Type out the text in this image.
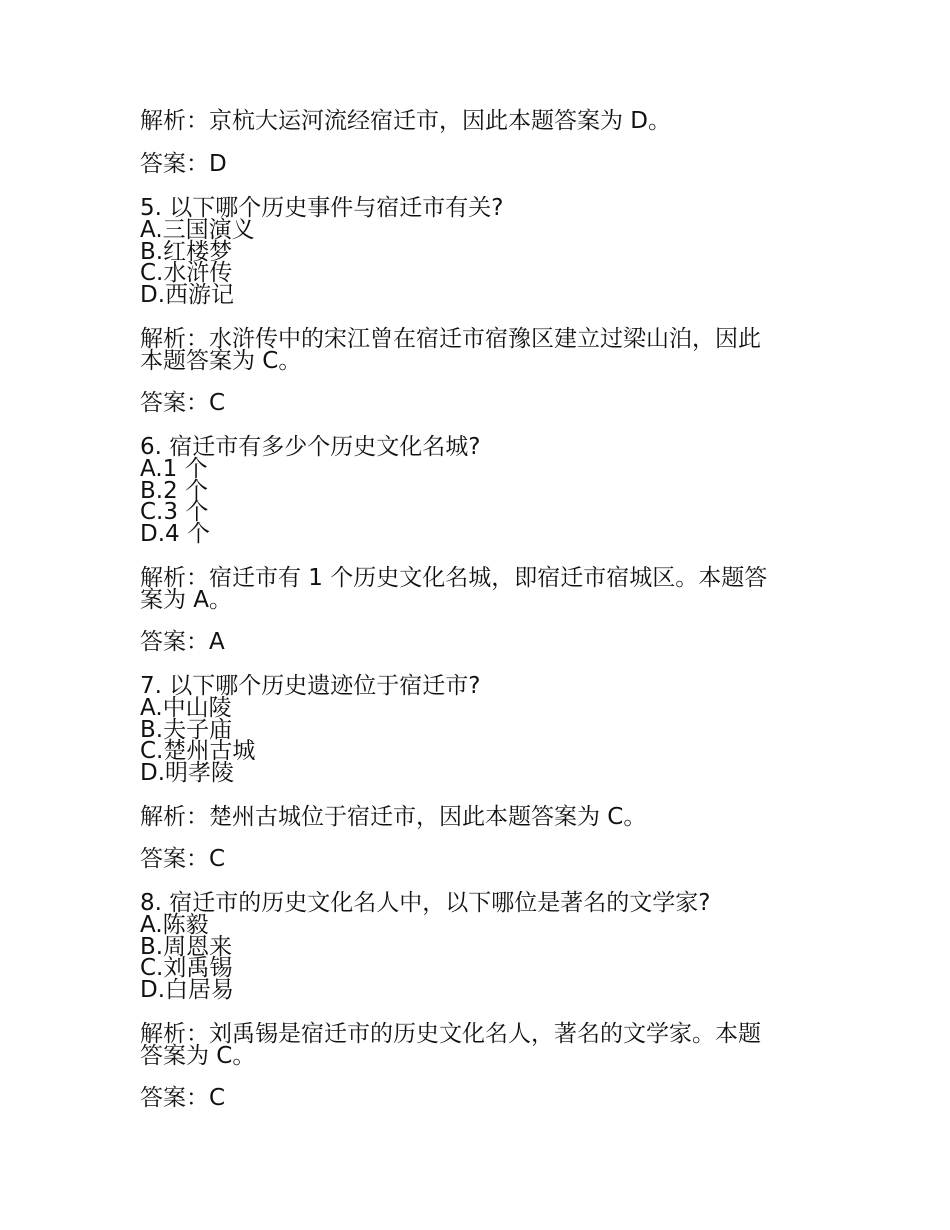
解析：京杭大运河流经宿迁市，因此本题答案为 D。
答案：D
5. 以下哪个历史事件与宿迁市有关?
A.三国演义
B.红楼梦
C.水浒传
D.西游记
解析：水浒传中的宋江曾在宿迁市宿豫区建立过梁山泊，因此
本题答案为 C。
答案：C
6. 宿迁市有多少个历史文化名城?
A.1 个
B.2 个
C.3 个
D.4 个
解析：宿迁市有 1 个历史文化名城，即宿迁市宿城区。本题答
案为 A。
答案：A
7. 以下哪个历史遗迹位于宿迁市?
A.中山陵
B.夫子庙
C.楚州古城
D.明孝陵
解析：楚州古城位于宿迁市，因此本题答案为 C。
答案：C
8. 宿迁市的历史文化名人中，以下哪位是著名的文学家?
A.陈毅
B.周恩来
C.刘禹锡
D.白居易
解析：刘禹锡是宿迁市的历史文化名人，著名的文学家。本题
答案为 C。
答案：C
